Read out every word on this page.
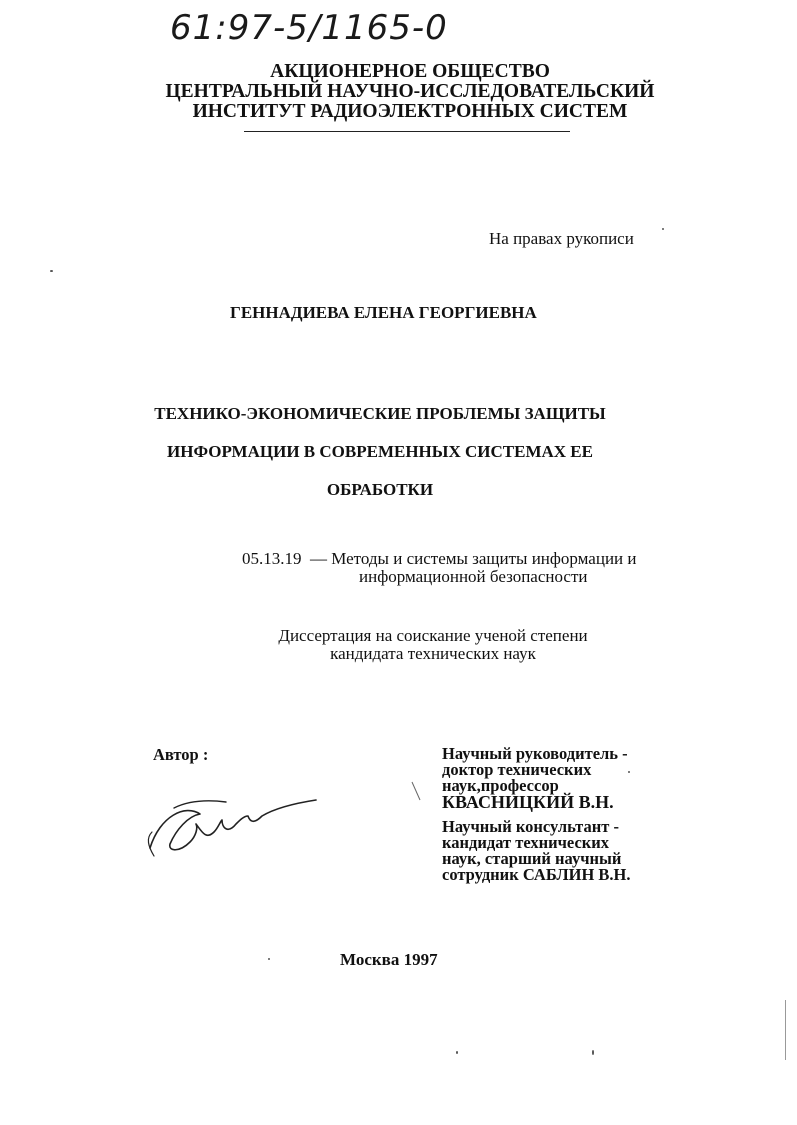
61:97-5/1165-0
АКЦИОНЕРНОЕ ОБЩЕСТВО
ЦЕНТРАЛЬНЫЙ НАУЧНО-ИССЛЕДОВАТЕЛЬСКИЙ
ИНСТИТУТ РАДИОЭЛЕКТРОННЫХ СИСТЕМ
На правах рукописи
ГЕННАДИЕВА ЕЛЕНА ГЕОРГИЕВНА
ТЕХНИКО-ЭКОНОМИЧЕСКИЕ ПРОБЛЕМЫ ЗАЩИТЫ
ИНФОРМАЦИИ В СОВРЕМЕННЫХ СИСТЕМАХ ЕЕ
ОБРАБОТКИ
05.13.19 — Методы и системы защиты информации и
информационной безопасности
Диссертация на соискание ученой степени
кандидата технических наук
Автор :	Научный руководитель -
доктор технических
наук,профессор
КВАСНИЦКИЙ В.Н.
Научный консультант -
кандидат технических
наук, старший научный
сотрудник САБЛИН В.Н.
Москва 1997
